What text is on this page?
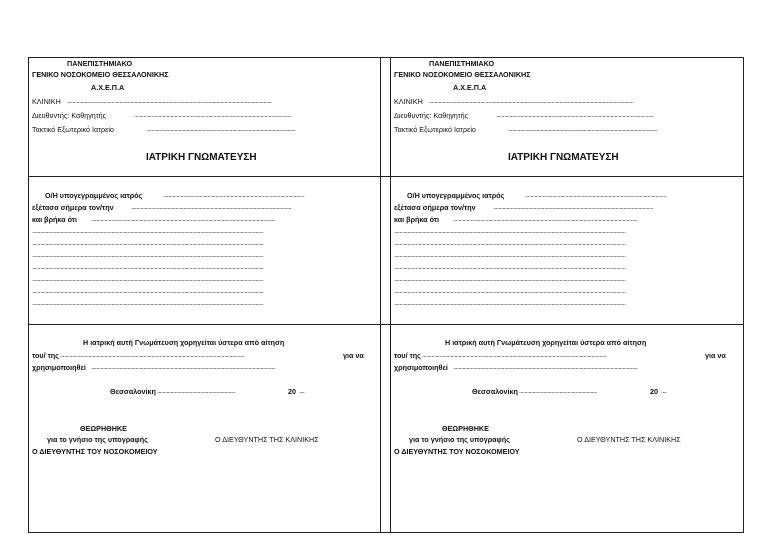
ΠΑΝΕΠΙΣΤΗΜΙΑΚΟ
ΓΕΝΙΚΟ ΝΟΣΟΚΟΜΕΙΟ ΘΕΣΣΑΛΟΝΙΚΗΣ
Α.Χ.Ε.Π.Α
ΚΛΙΝΙΚΗ ........................................................................................................................................................
Διευθυντής: Καθηγητής	.....................................................................................................................
Τακτικό Εξωτερικό Ιατρείο	...............................................................................................................
ΙΑΤΡΙΚΗ ΓΝΩΜΑΤΕΥΣΗ
Ο/Η υπογεγραμμένος ιατρός	.........................................................................................................
εξέτασα σήμερα τον/την .......................................................................................................................
και βρήκα ότι .........................................................................................................................................
............................................................................................................................................................................
............................................................................................................................................................................
............................................................................................................................................................................
............................................................................................................................................................................
............................................................................................................................................................................
............................................................................................................................................................................
............................................................................................................................................................................
Η ιατρική αυτή Γνωμάτευση χορηγείται ύστερα από αίτηση
του/ της .........................................................................................................................................	για να
χρησιμοποιηθεί .........................................................................................................................................
Θεσσαλονίκη ..........................................................	20 ....
ΘΕΩΡΗΘΗΚΕ
για το γνήσιο της υπογραφής
Ο ΔΙΕΥΘΥΝΤΗΣ ΤΟΥ ΝΟΣΟΚΟΜΕΙΟΥ
Ο ΔΙΕΥΘΥΝΤΗΣ ΤΗΣ ΚΛΙΝΙΚΗΣ
ΠΑΝΕΠΙΣΤΗΜΙΑΚΟ
ΓΕΝΙΚΟ ΝΟΣΟΚΟΜΕΙΟ ΘΕΣΣΑΛΟΝΙΚΗΣ
Α.Χ.Ε.Π.Α
ΚΛΙΝΙΚΗ ........................................................................................................................................................
Διευθυντής: Καθηγητής	.....................................................................................................................
Τακτικό Εξωτερικό Ιατρείο	...............................................................................................................
ΙΑΤΡΙΚΗ ΓΝΩΜΑΤΕΥΣΗ
Ο/Η υπογεγραμμένος ιατρός	.........................................................................................................
εξέτασα σήμερα τον/την .......................................................................................................................
και βρήκα ότι .........................................................................................................................................
............................................................................................................................................................................
............................................................................................................................................................................
............................................................................................................................................................................
............................................................................................................................................................................
............................................................................................................................................................................
............................................................................................................................................................................
............................................................................................................................................................................
Η ιατρική αυτή Γνωμάτευση χορηγείται ύστερα από αίτηση
του/ της .........................................................................................................................................	για να
χρησιμοποιηθεί .........................................................................................................................................
Θεσσαλονίκη ..........................................................	20 ....
ΘΕΩΡΗΘΗΚΕ
για το γνήσιο της υπογραφής
Ο ΔΙΕΥΘΥΝΤΗΣ ΤΟΥ ΝΟΣΟΚΟΜΕΙΟΥ
Ο ΔΙΕΥΘΥΝΤΗΣ ΤΗΣ ΚΛΙΝΙΚΗΣ
